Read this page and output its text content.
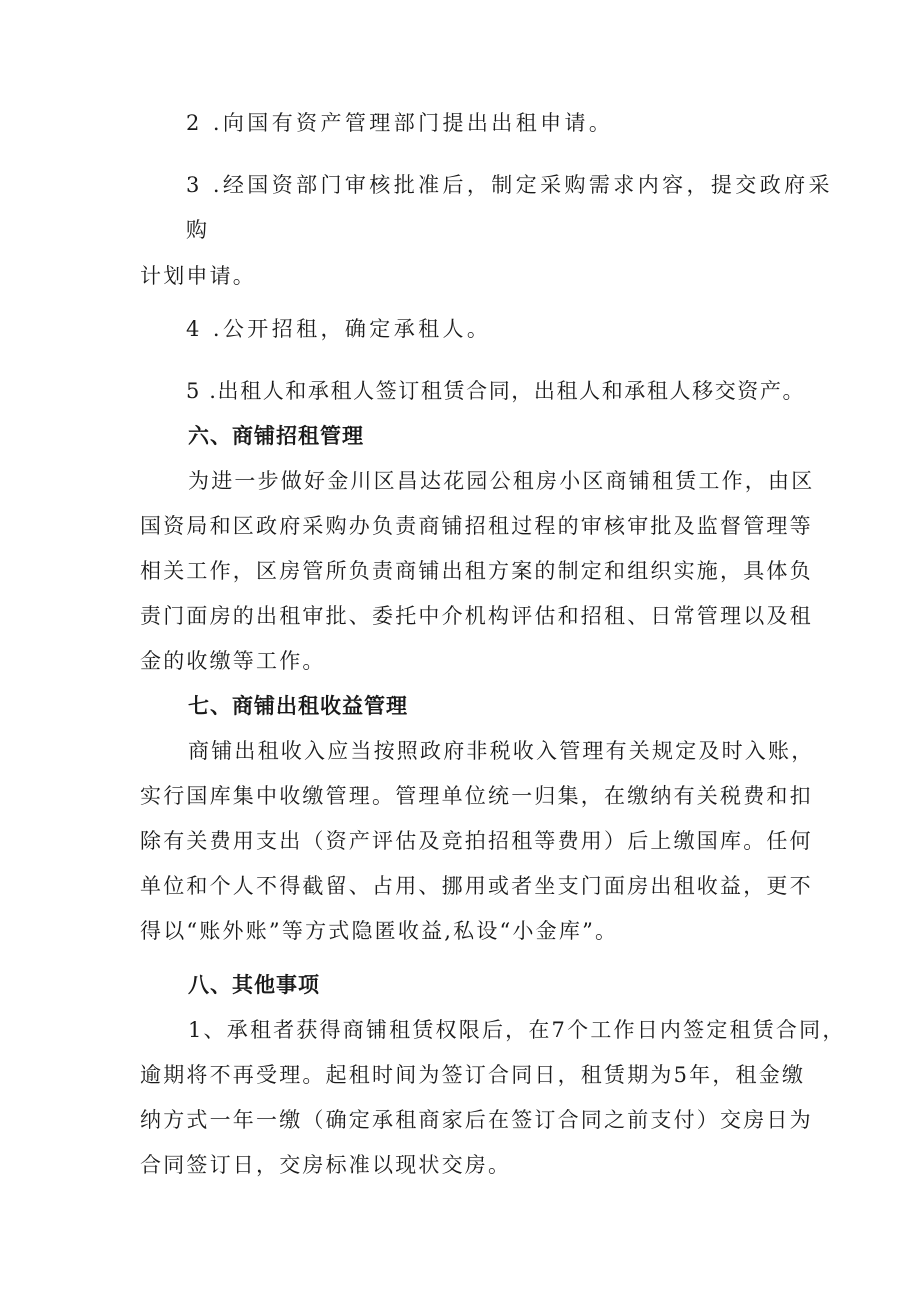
2 .向国有资产管理部门提出出租申请。
3 .经国资部门审核批准后，制定采购需求内容，提交政府采
购
计划申请。
4 .公开招租，确定承租人。
5 .出租人和承租人签订租赁合同，出租人和承租人移交资产。
六、商铺招租管理
为进一步做好金川区昌达花园公租房小区商铺租赁工作，由区
国资局和区政府采购办负责商铺招租过程的审核审批及监督管理等
相关工作，区房管所负责商铺出租方案的制定和组织实施，具体负
责门面房的出租审批、委托中介机构评估和招租、日常管理以及租
金的收缴等工作。
七、商铺出租收益管理
商铺出租收入应当按照政府非税收入管理有关规定及时入账，
实行国库集中收缴管理。管理单位统一归集，在缴纳有关税费和扣
除有关费用支出（资产评估及竞拍招租等费用）后上缴国库。任何
单位和个人不得截留、占用、挪用或者坐支门面房出租收益，更不
得以“账外账”等方式隐匿收益,私设“小金库”。
八、其他事项
1、承租者获得商铺租赁权限后，在7个工作日内签定租赁合同，
逾期将不再受理。起租时间为签订合同日，租赁期为5年，租金缴
纳方式一年一缴（确定承租商家后在签订合同之前支付）交房日为
合同签订日，交房标准以现状交房。
